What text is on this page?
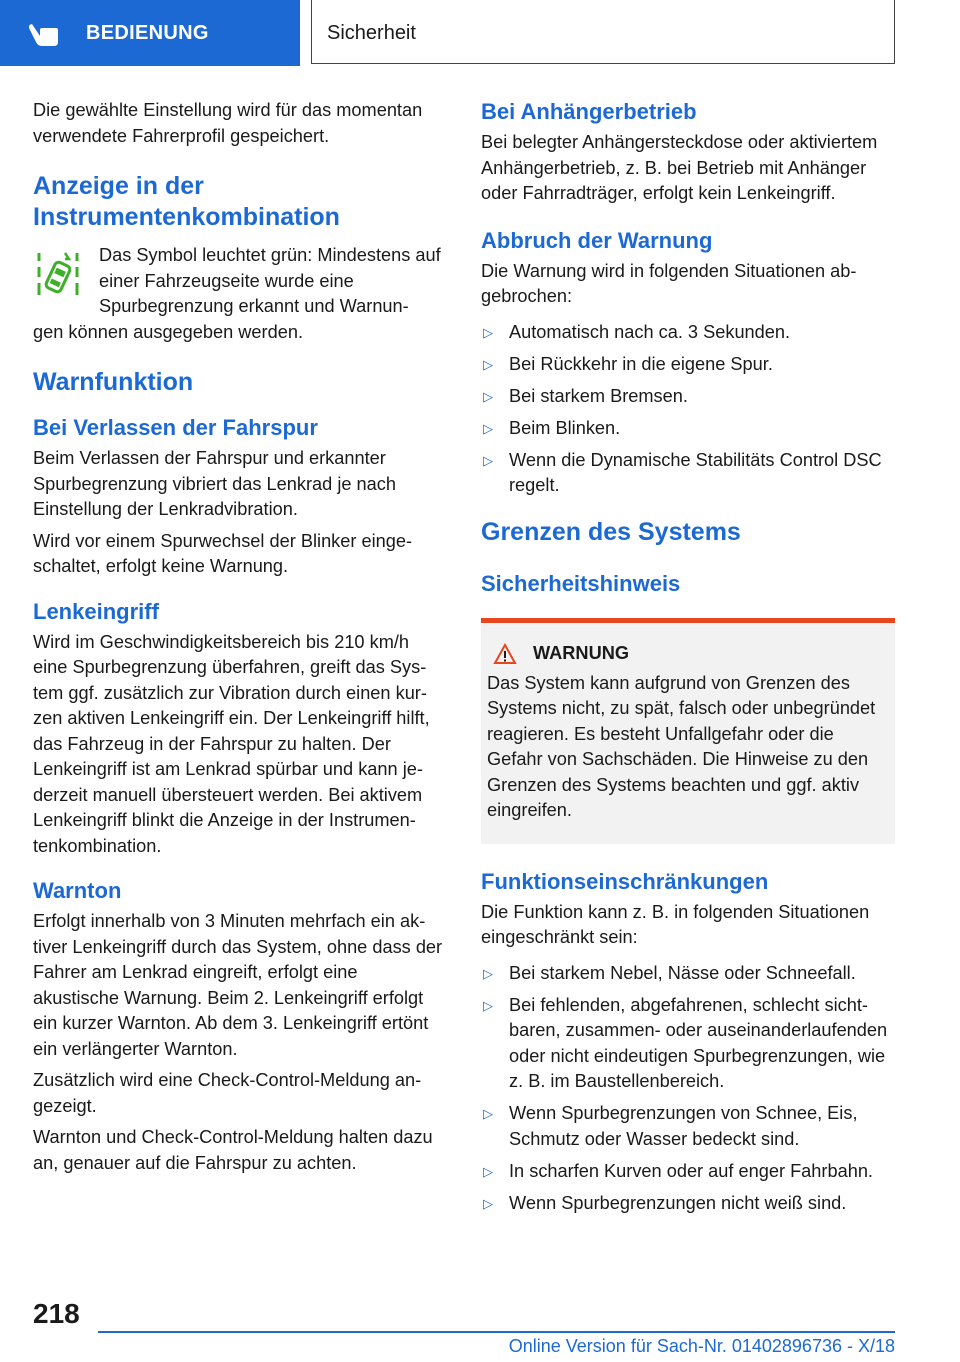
BEDIENUNG	Sicherheit

Die gewählte Einstellung wird für das momentan verwendete Fahrerprofil gespeichert.

Anzeige in der Instrumentenkombination

Das Symbol leuchtet grün: Mindestens auf einer Fahrzeugseite wurde eine Spurbegrenzung erkannt und Warnun-

gen können ausgegeben werden.

Warnfunktion
Bei Verlassen der Fahrspur

Beim Verlassen der Fahrspur und erkannter Spurbegrenzung vibriert das Lenkrad je nach Einstellung der Lenkradvibration.

Wird vor einem Spurwechsel der Blinker eingeschaltet, erfolgt keine Warnung.

Lenkeingriff

Wird im Geschwindigkeitsbereich bis 210 km/h eine Spurbegrenzung überfahren, greift das System ggf. zusätzlich zur Vibration durch einen kurzen aktiven Lenkeingriff ein. Der Lenkeingriff hilft, das Fahrzeug in der Fahrspur zu halten. Der Lenkeingriff ist am Lenkrad spürbar und kann jederzeit manuell übersteuert werden. Bei aktivem Lenkeingriff blinkt die Anzeige in der Instrumentenkombination.

Warnton

Erfolgt innerhalb von 3 Minuten mehrfach ein aktiver Lenkeingriff durch das System, ohne dass der Fahrer am Lenkrad eingreift, erfolgt eine akustische Warnung. Beim 2. Lenkeingriff erfolgt ein kurzer Warnton. Ab dem 3. Lenkeingriff ertönt ein verlängerter Warnton.

Zusätzlich wird eine Check-Control-Meldung angezeigt.

Warnton und Check-Control-Meldung halten dazu an, genauer auf die Fahrspur zu achten.

Bei Anhängerbetrieb

Bei belegter Anhängersteckdose oder aktiviertem Anhängerbetrieb, z. B. bei Betrieb mit Anhänger oder Fahrradträger, erfolgt kein Lenkeingriff.

Abbruch der Warnung

Die Warnung wird in folgenden Situationen abgebrochen:

▷ Automatisch nach ca. 3 Sekunden.
▷ Bei Rückkehr in die eigene Spur.
▷ Bei starkem Bremsen.
▷ Beim Blinken.
▷ Wenn die Dynamische Stabilitäts Control DSC regelt.
Grenzen des Systems
Sicherheitshinweis
WARNUNG

Das System kann aufgrund von Grenzen des Systems nicht, zu spät, falsch oder unbegründet reagieren. Es besteht Unfallgefahr oder die Gefahr von Sachschäden. Die Hinweise zu den Grenzen des Systems beachten und ggf. aktiv eingreifen.

Funktionseinschränkungen

Die Funktion kann z. B. in folgenden Situationen eingeschränkt sein:

▷ Bei starkem Nebel, Nässe oder Schneefall.
▷ Bei fehlenden, abgefahrenen, schlecht sichtbaren, zusammen- oder auseinanderlaufenden oder nicht eindeutigen Spurbegrenzungen, wie z. B. im Baustellenbereich.
▷ Wenn Spurbegrenzungen von Schnee, Eis, Schmutz oder Wasser bedeckt sind.
▷ In scharfen Kurven oder auf enger Fahrbahn.
▷ Wenn Spurbegrenzungen nicht weiß sind.
218
Online Version für Sach-Nr. 01402896736 - X/18
